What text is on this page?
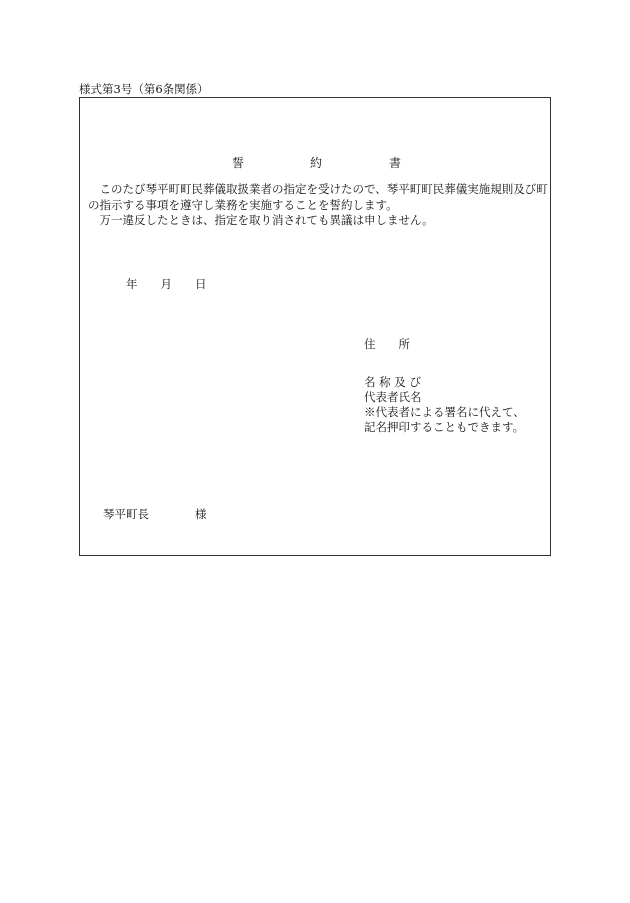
様式第3号（第6条関係）
誓	約	書

このたび琴平町町民葬儀取扱業者の指定を受けたので、琴平町町民葬儀実施規則及び町の指示する事項を遵守し業務を実施することを誓約します。

万一違反したときは、指定を取り消されても異議は申しません。

年　　月　　日
住　　所
名 称 及 び
代表者氏名
※代表者による署名に代えて、
記名押印することもできます。
琴平町長　　　　様
